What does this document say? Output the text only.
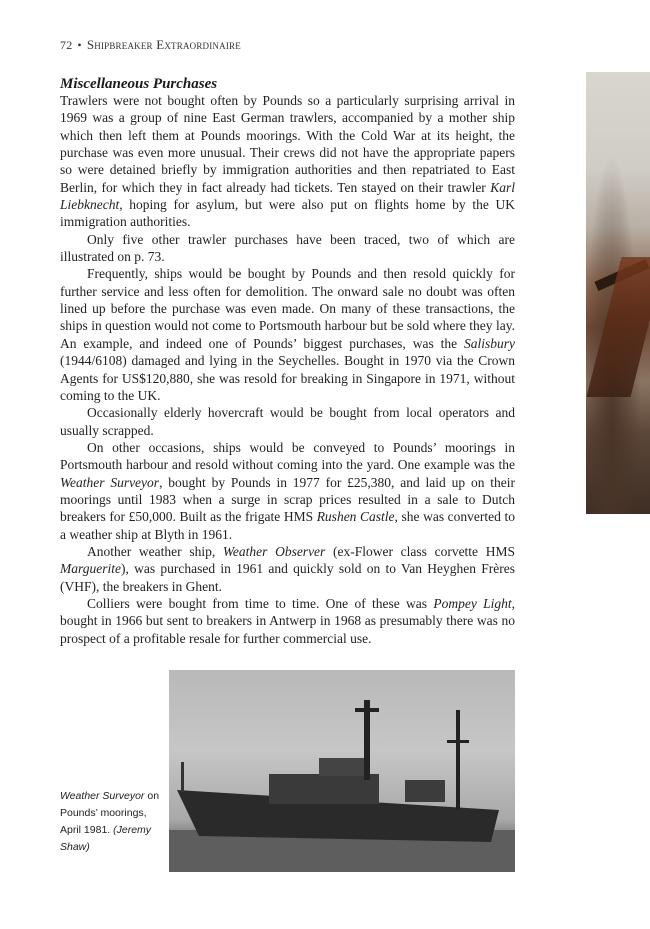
72 • Shipbreaker Extraordinaire
Miscellaneous Purchases

Trawlers were not bought often by Pounds so a particularly surprising arrival in 1969 was a group of nine East German trawlers, accompanied by a mother ship which then left them at Pounds moorings. With the Cold War at its height, the purchase was even more unusual. Their crews did not have the appropriate papers so were detained briefly by immigration authorities and then repatriated to East Berlin, for which they in fact already had tickets. Ten stayed on their trawler Karl Liebknecht, hoping for asylum, but were also put on flights home by the UK immigration authorities.

Only five other trawler purchases have been traced, two of which are illustrated on p. 73.

Frequently, ships would be bought by Pounds and then resold quickly for further service and less often for demolition. The onward sale no doubt was often lined up before the purchase was even made. On many of these transactions, the ships in question would not come to Portsmouth harbour but be sold where they lay. An example, and indeed one of Pounds’ biggest purchases, was the Salisbury (1944/6108) damaged and lying in the Seychelles. Bought in 1970 via the Crown Agents for US$120,880, she was resold for breaking in Singapore in 1971, without coming to the UK.

Occasionally elderly hovercraft would be bought from local operators and usually scrapped.

On other occasions, ships would be conveyed to Pounds’ moorings in Portsmouth harbour and resold without coming into the yard. One example was the Weather Surveyor, bought by Pounds in 1977 for £25,380, and laid up on their moorings until 1983 when a surge in scrap prices resulted in a sale to Dutch breakers for £50,000. Built as the frigate HMS Rushen Castle, she was converted to a weather ship at Blyth in 1961.

Another weather ship, Weather Observer (ex-Flower class corvette HMS Marguerite), was purchased in 1961 and quickly sold on to Van Heyghen Frères (VHF), the breakers in Ghent.

Colliers were bought from time to time. One of these was Pompey Light, bought in 1966 but sent to breakers in Antwerp in 1968 as presumably there was no prospect of a profitable resale for further commercial use.

Weather Surveyor on Pounds’ moorings, April 1981. (Jeremy Shaw)
